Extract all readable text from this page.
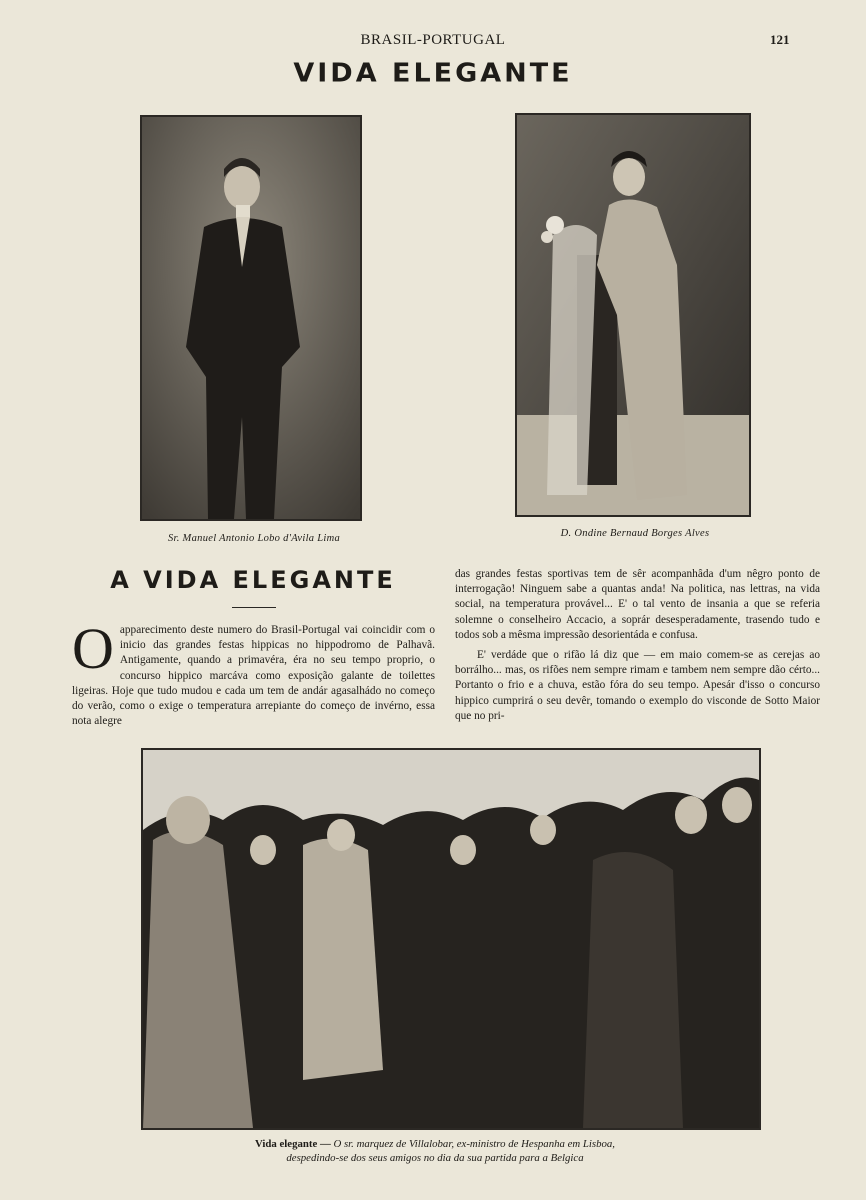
BRASIL-PORTUGAL	121
VIDA ELEGANTE
Sr. Manuel Antonio Lobo d'Avila Lima	D. Ondine Bernaud Borges Alves
A VIDA ELEGANTE
O apparecimento deste numero do Brasil-Portugal vai coincidir com o inicio das grandes festas hippicas no hippodromo de Palhavã. Antigamente, quando a primavéra, éra no seu tempo proprio, o concurso hippico marcáva como exposição galante de toilettes ligeiras. Hoje que tudo mudou e cada um tem de andár agasalhádo no começo do verão, como o exige o temperatura arrepiante do começo de invérno, essa nota alegre

das grandes festas sportivas tem de sêr acompanhâda d'um nêgro ponto de interrogação! Ninguem sabe a quantas anda! Na politica, nas lettras, na vida social, na temperatura provável... E' o tal vento de insania a que se referia solemne o conselheiro Accacio, a soprár desesperadamente, trasendo tudo e todos sob a mêsma impressão desorientáda e confusa.

E' verdáde que o rifão lá diz que — em maio comem-se as cerejas ao borrálho... mas, os rifões nem sempre rimam e tambem nem sempre dão cérto... Portanto o frio e a chuva, estão fóra do seu tempo. Apesár d'isso o concurso hippico cumprirá o seu devêr, tomando o exemplo do visconde de Sotto Maior que no pri-

Vida elegante — O sr. marquez de Villalobar, ex-ministro de Hespanha em Lisboa,
despedindo-se dos seus amigos no dia da sua partida para a Belgica
